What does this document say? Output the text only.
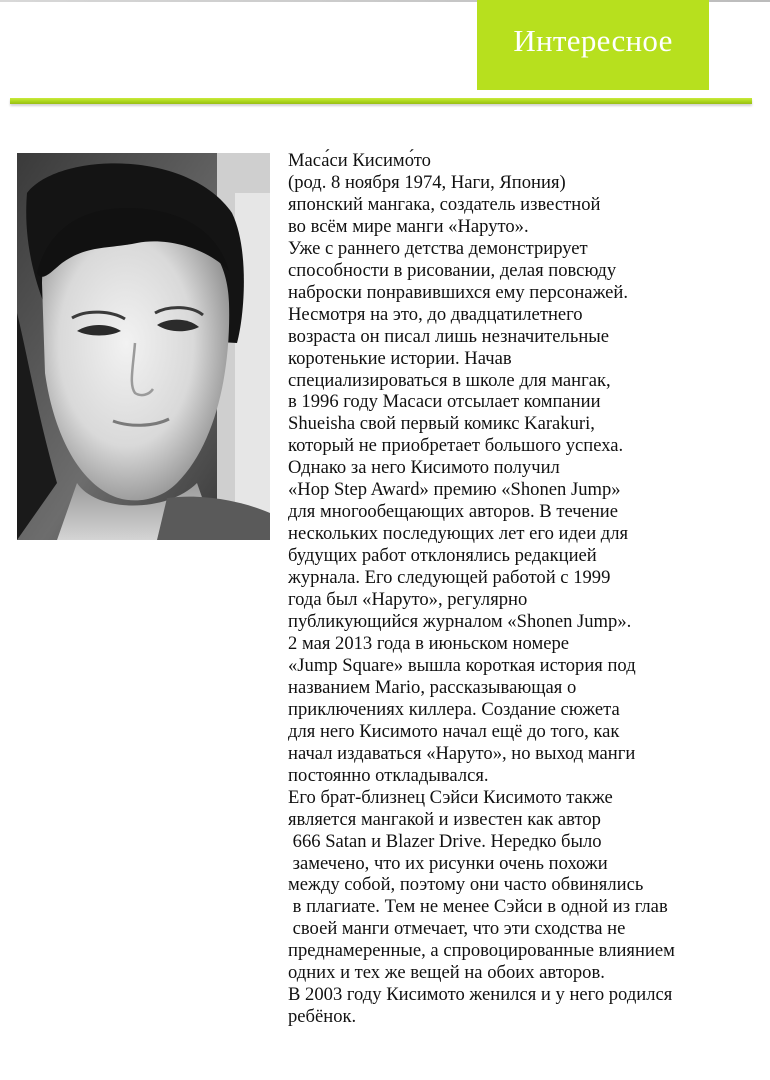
Интересное
Маса́си Кисимо́то
(род. 8 ноября 1974, Наги, Япония)
японский мангака, создатель известной
во всём мире манги «Наруто».
Уже с раннего детства демонстрирует
способности в рисовании, делая повсюду
наброски понравившихся ему персонажей.
Несмотря на это, до двадцатилетнего
возраста он писал лишь незначительные
коротенькие истории. Начав
специализироваться в школе для мангак,
в 1996 году Масаси отсылает компании
Shueisha свой первый комикс Karakuri,
который не приобретает большого успеха.
Однако за него Кисимото получил
«Hop Step Award» премию «Shonen Jump»
для многообещающих авторов. В течение
нескольких последующих лет его идеи для
будущих работ отклонялись редакцией
журнала. Его следующей работой с 1999
года был «Наруто», регулярно
публикующийся журналом «Shonen Jump».
2 мая 2013 года в июньском номере
«Jump Square» вышла короткая история под
названием Mario, рассказывающая о
приключениях киллера. Создание сюжета
для него Кисимото начал ещё до того, как
начал издаваться «Наруто», но выход манги
постоянно откладывался.
Его брат-близнец Сэйси Кисимото также
является мангакой и известен как автор
666 Satan и Blazer Drive. Нередко было
замечено, что их рисунки очень похожи
между собой, поэтому они часто обвинялись
в плагиате. Тем не менее Сэйси в одной из глав
своей манги отмечает, что эти сходства не
преднамеренные, а спровоцированные влиянием
одних и тех же вещей на обоих авторов.
В 2003 году Кисимото женился и у него родился
ребёнок.
